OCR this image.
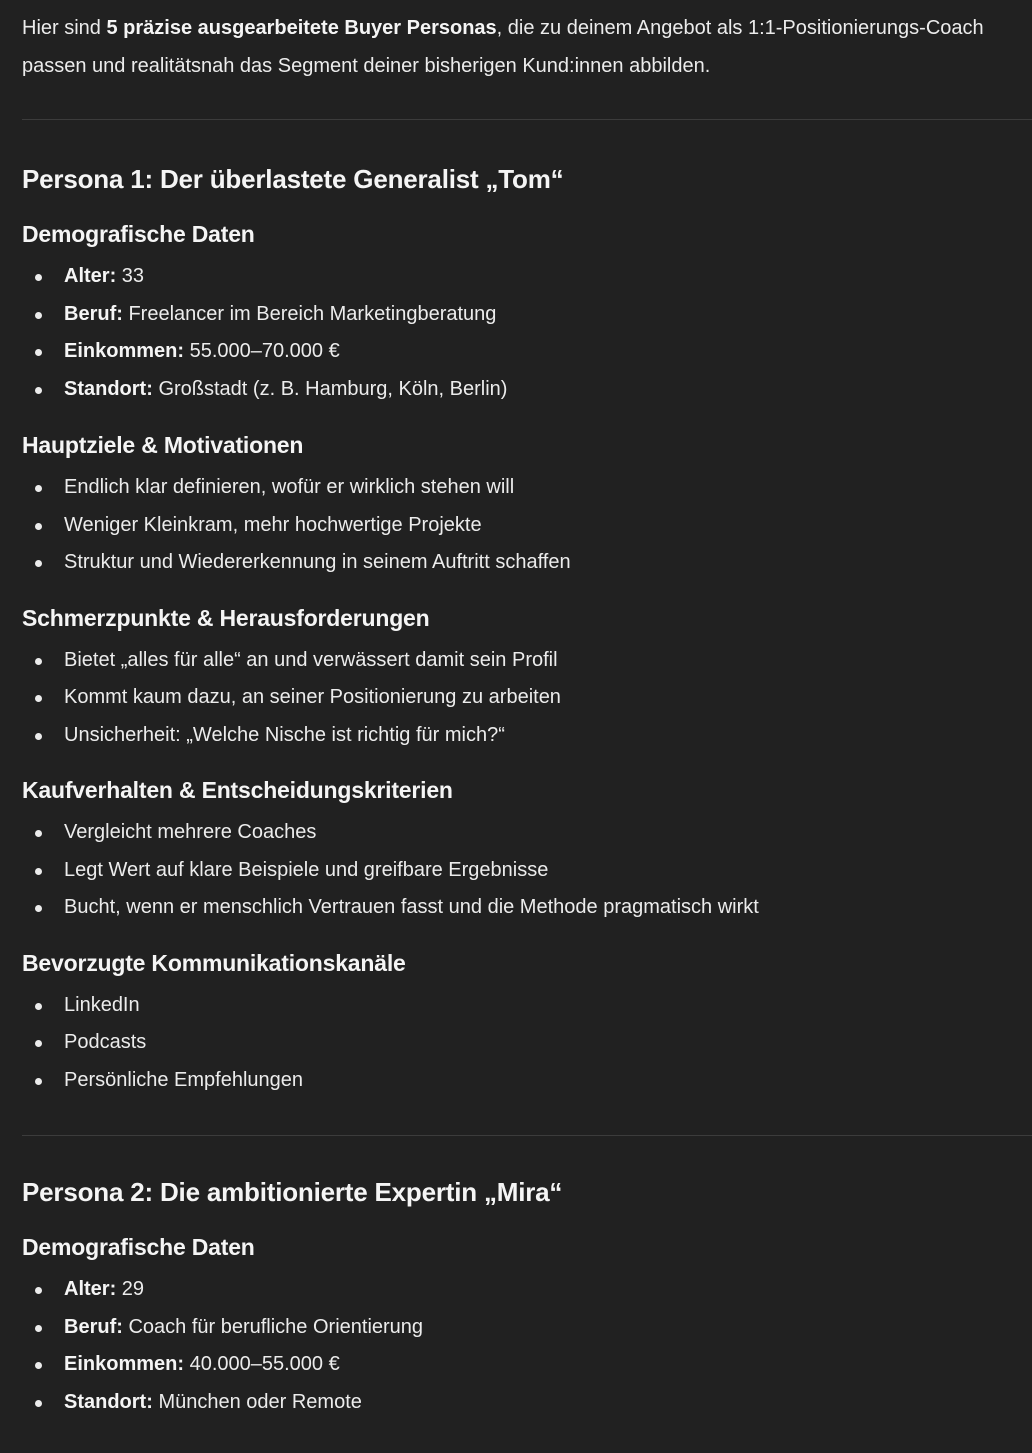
Hier sind 5 präzise ausgearbeitete Buyer Personas, die zu deinem Angebot als 1:1-Positionierungs-Coach passen und realitätsnah das Segment deiner bisherigen Kund:innen abbilden.

Persona 1: Der überlastete Generalist „Tom“
Demografische Daten
Alter: 33
Beruf: Freelancer im Bereich Marketingberatung
Einkommen: 55.000–70.000 €
Standort: Großstadt (z. B. Hamburg, Köln, Berlin)
Hauptziele & Motivationen
Endlich klar definieren, wofür er wirklich stehen will
Weniger Kleinkram, mehr hochwertige Projekte
Struktur und Wiedererkennung in seinem Auftritt schaffen
Schmerzpunkte & Herausforderungen
Bietet „alles für alle“ an und verwässert damit sein Profil
Kommt kaum dazu, an seiner Positionierung zu arbeiten
Unsicherheit: „Welche Nische ist richtig für mich?“
Kaufverhalten & Entscheidungskriterien
Vergleicht mehrere Coaches
Legt Wert auf klare Beispiele und greifbare Ergebnisse
Bucht, wenn er menschlich Vertrauen fasst und die Methode pragmatisch wirkt
Bevorzugte Kommunikationskanäle
LinkedIn
Podcasts
Persönliche Empfehlungen
Persona 2: Die ambitionierte Expertin „Mira“
Demografische Daten
Alter: 29
Beruf: Coach für berufliche Orientierung
Einkommen: 40.000–55.000 €
Standort: München oder Remote
